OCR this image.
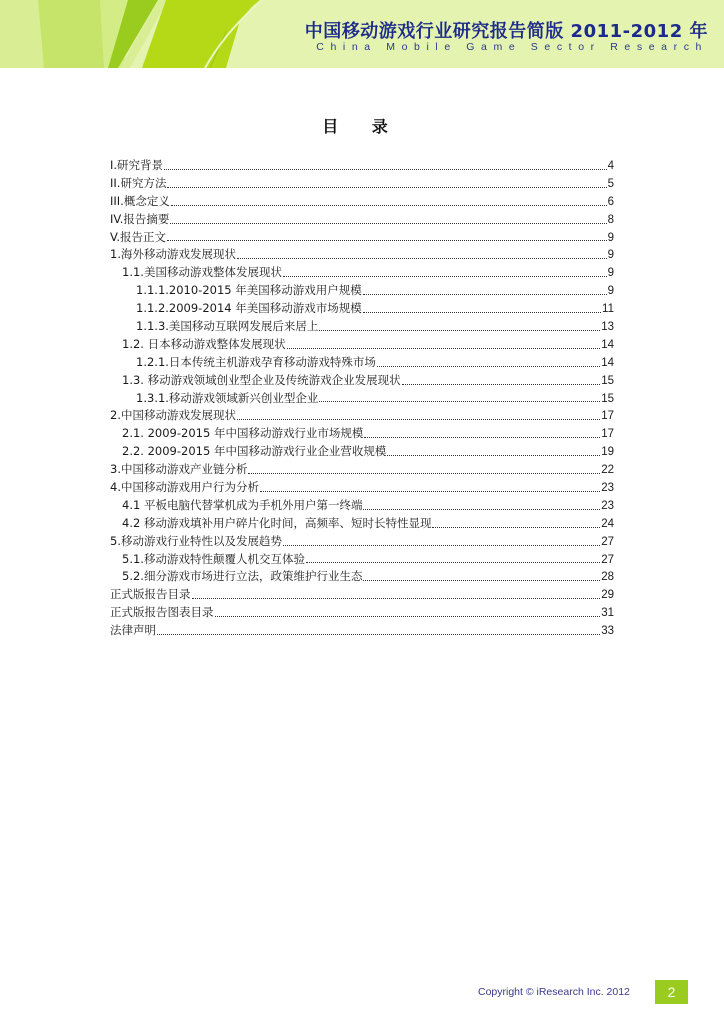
中国移动游戏行业研究报告简版 2011-2012 年
China Mobile Game Sector Research
目 录
I.研究背景	4
II.研究方法	5
III.概念定义	6
IV.报告摘要	8
V.报告正文	9
1.海外移动游戏发展现状	9
1.1.美国移动游戏整体发展现状	9
1.1.1.2010-2015 年美国移动游戏用户规模	9
1.1.2.2009-2014 年美国移动游戏市场规模	11
1.1.3.美国移动互联网发展后来居上	13
1.2. 日本移动游戏整体发展现状	14
1.2.1.日本传统主机游戏孕育移动游戏特殊市场	14
1.3. 移动游戏领域创业型企业及传统游戏企业发展现状	15
1.3.1.移动游戏领域新兴创业型企业	15
2.中国移动游戏发展现状	17
2.1. 2009-2015 年中国移动游戏行业市场规模	17
2.2. 2009-2015 年中国移动游戏行业企业营收规模	19
3.中国移动游戏产业链分析	22
4.中国移动游戏用户行为分析	23
4.1 平板电脑代替掌机成为手机外用户第一终端	23
4.2 移动游戏填补用户碎片化时间，高频率、短时长特性显现	24
5.移动游戏行业特性以及发展趋势	27
5.1.移动游戏特性颠覆人机交互体验	27
5.2.细分游戏市场进行立法，政策维护行业生态	28
正式版报告目录	29
正式版报告图表目录	31
法律声明	33
Copyright © iResearch Inc. 2012	2
